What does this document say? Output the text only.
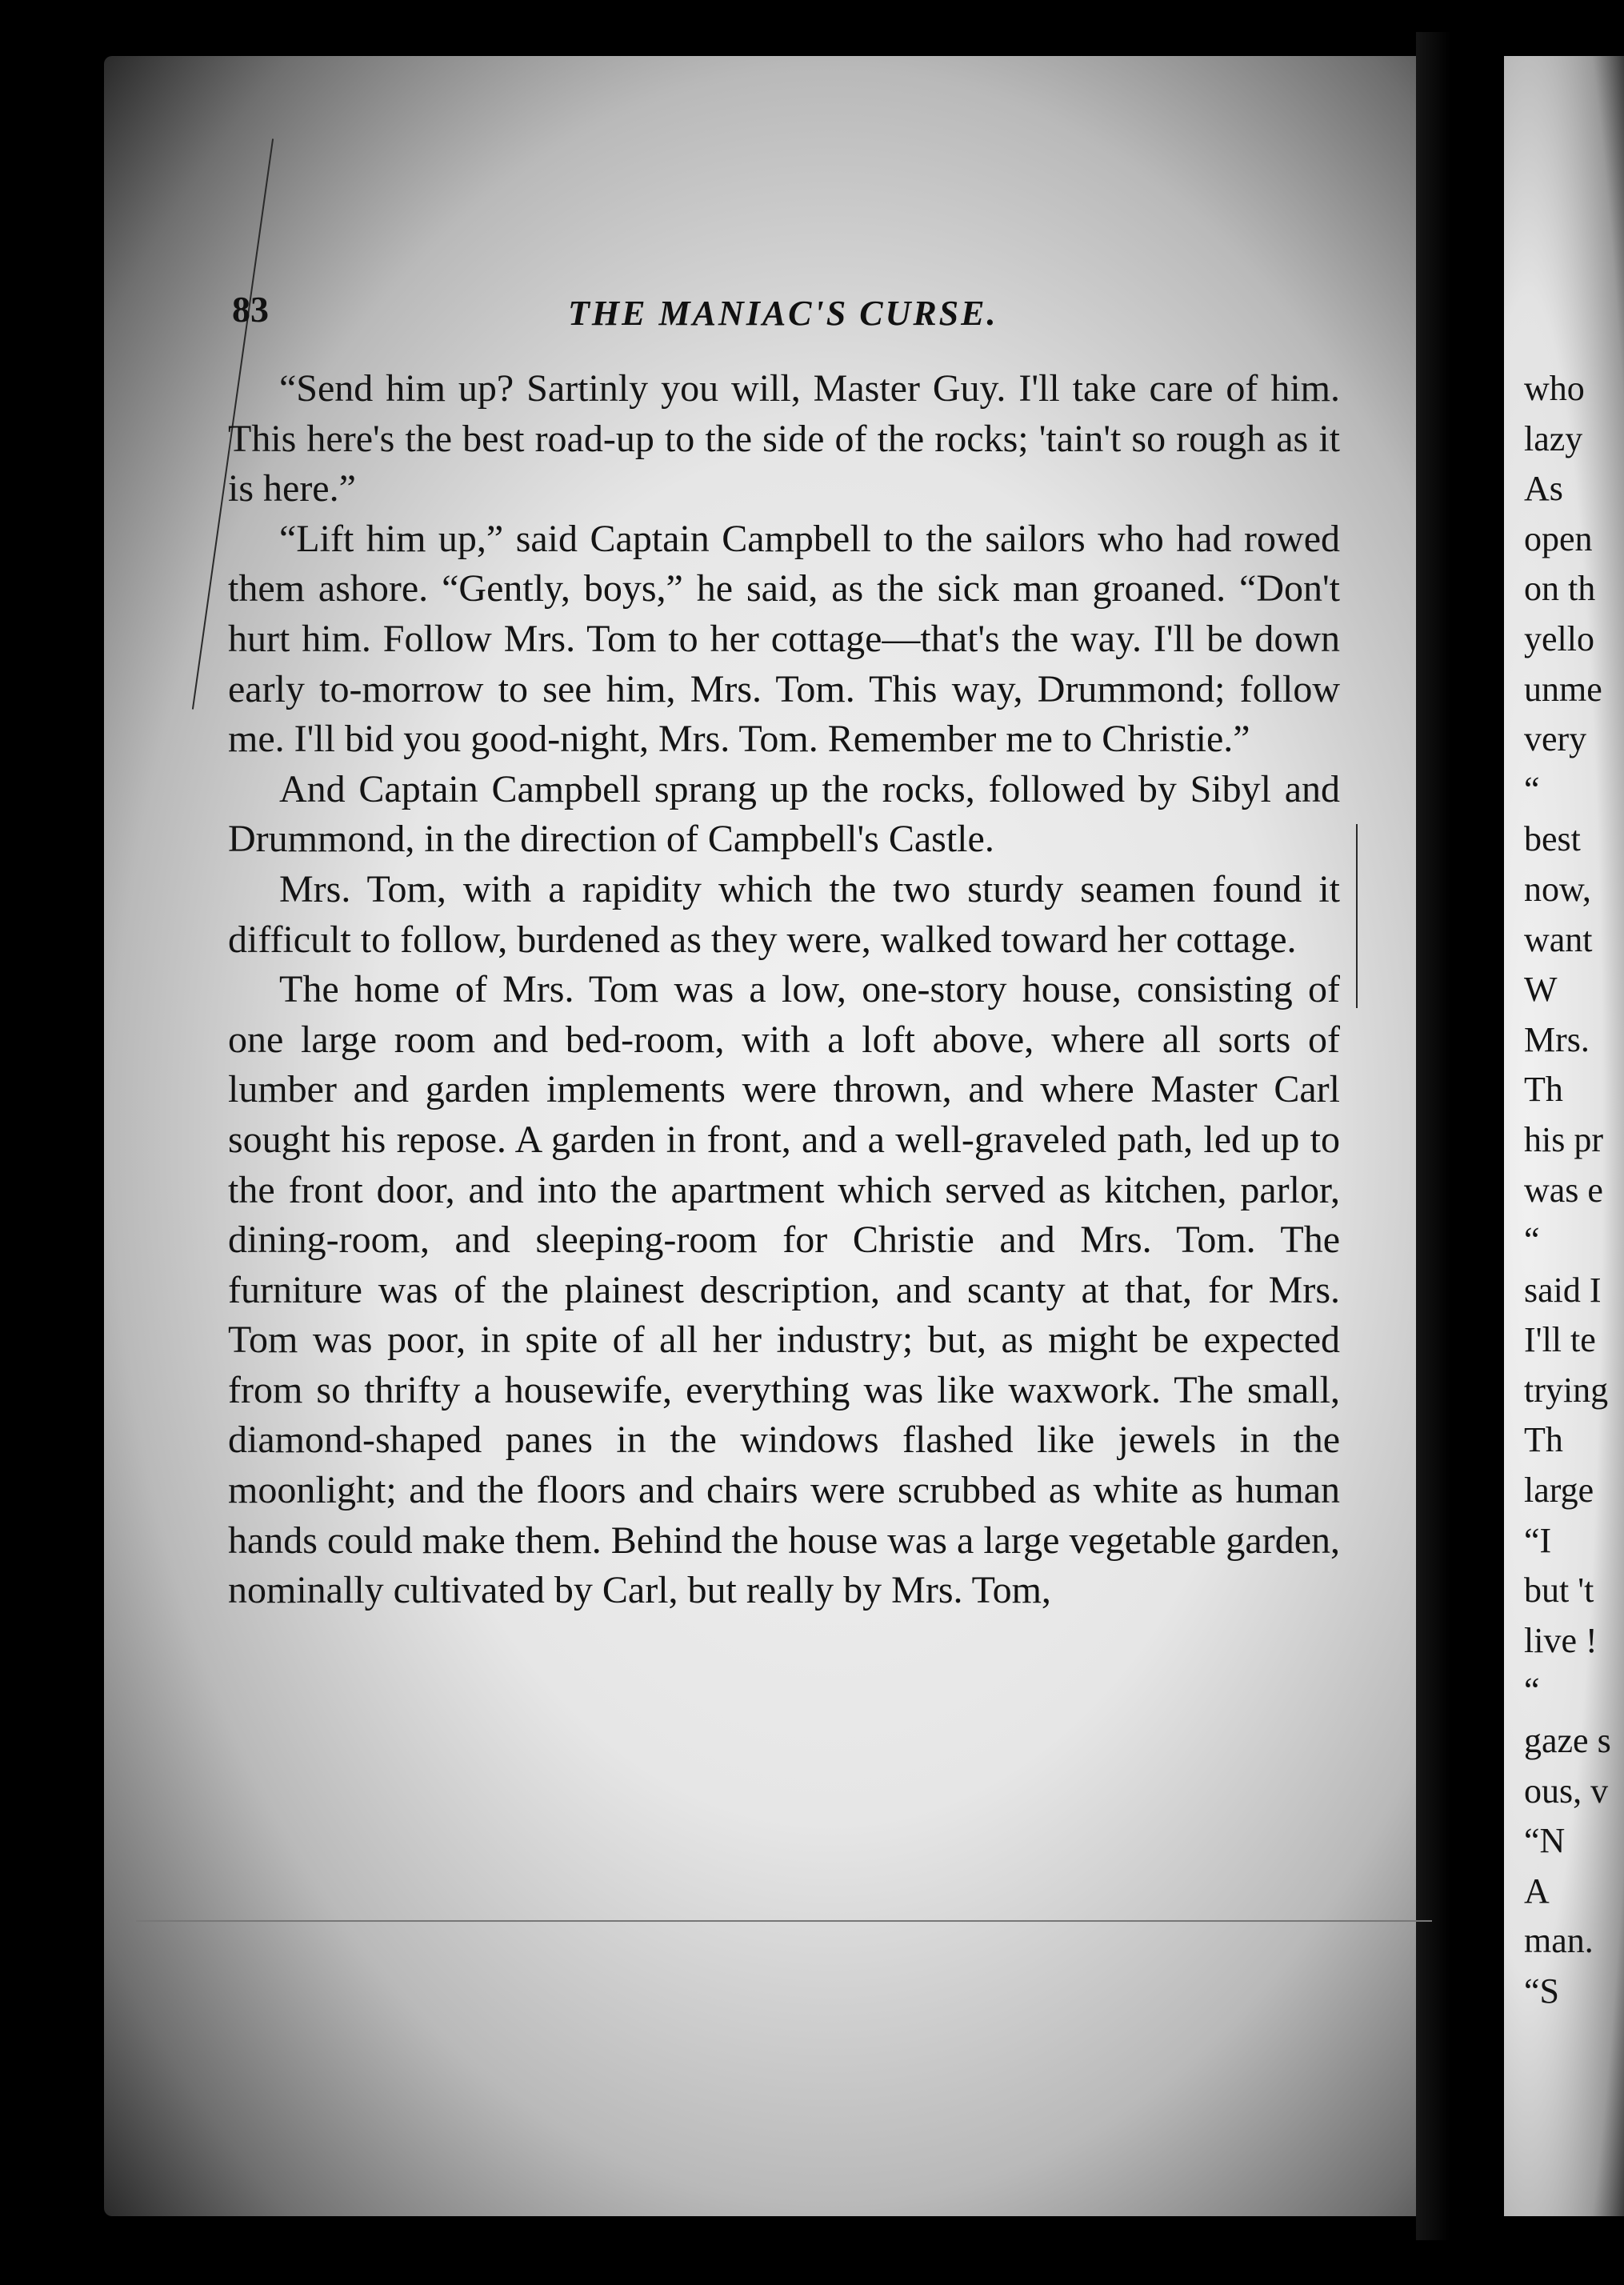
83	THE MANIAC'S CURSE.

“Send him up? Sartinly you will, Master Guy. I'll take care of him. This here's the best road-up to the side of the rocks; 'tain't so rough as it is here.”

“Lift him up,” said Captain Campbell to the sailors who had rowed them ashore. “Gently, boys,” he said, as the sick man groaned. “Don't hurt him. Follow Mrs. Tom to her cottage—that's the way. I'll be down early to-morrow to see him, Mrs. Tom. This way, Drummond; follow me. I'll bid you good-night, Mrs. Tom. Remember me to Christie.”

And Captain Campbell sprang up the rocks, followed by Sibyl and Drummond, in the direction of Campbell's Castle.

Mrs. Tom, with a rapidity which the two sturdy seamen found it difficult to follow, burdened as they were, walked toward her cottage.

The home of Mrs. Tom was a low, one-story house, consisting of one large room and bed-room, with a loft above, where all sorts of lumber and garden implements were thrown, and where Master Carl sought his repose. A garden in front, and a well-graveled path, led up to the front door, and into the apartment which served as kitchen, parlor, dining-room, and sleeping-room for Christie and Mrs. Tom. The furniture was of the plainest description, and scanty at that, for Mrs. Tom was poor, in spite of all her industry; but, as might be expected from so thrifty a housewife, everything was like waxwork. The small, diamond-shaped panes in the windows flashed like jewels in the moonlight; and the floors and chairs were scrubbed as white as human hands could make them. Behind the house was a large vegetable garden, nominally cultivated by Carl, but really by Mrs. Tom,

who
lazy
As
open
on th
yello
unme
very
“
best
now,
want
W
Mrs.
Th
his pr
was e
“
said I
I'll te
trying
Th
large
“I
but 't
live !
“
gaze s
ous, v
“N
A
man.
“S
